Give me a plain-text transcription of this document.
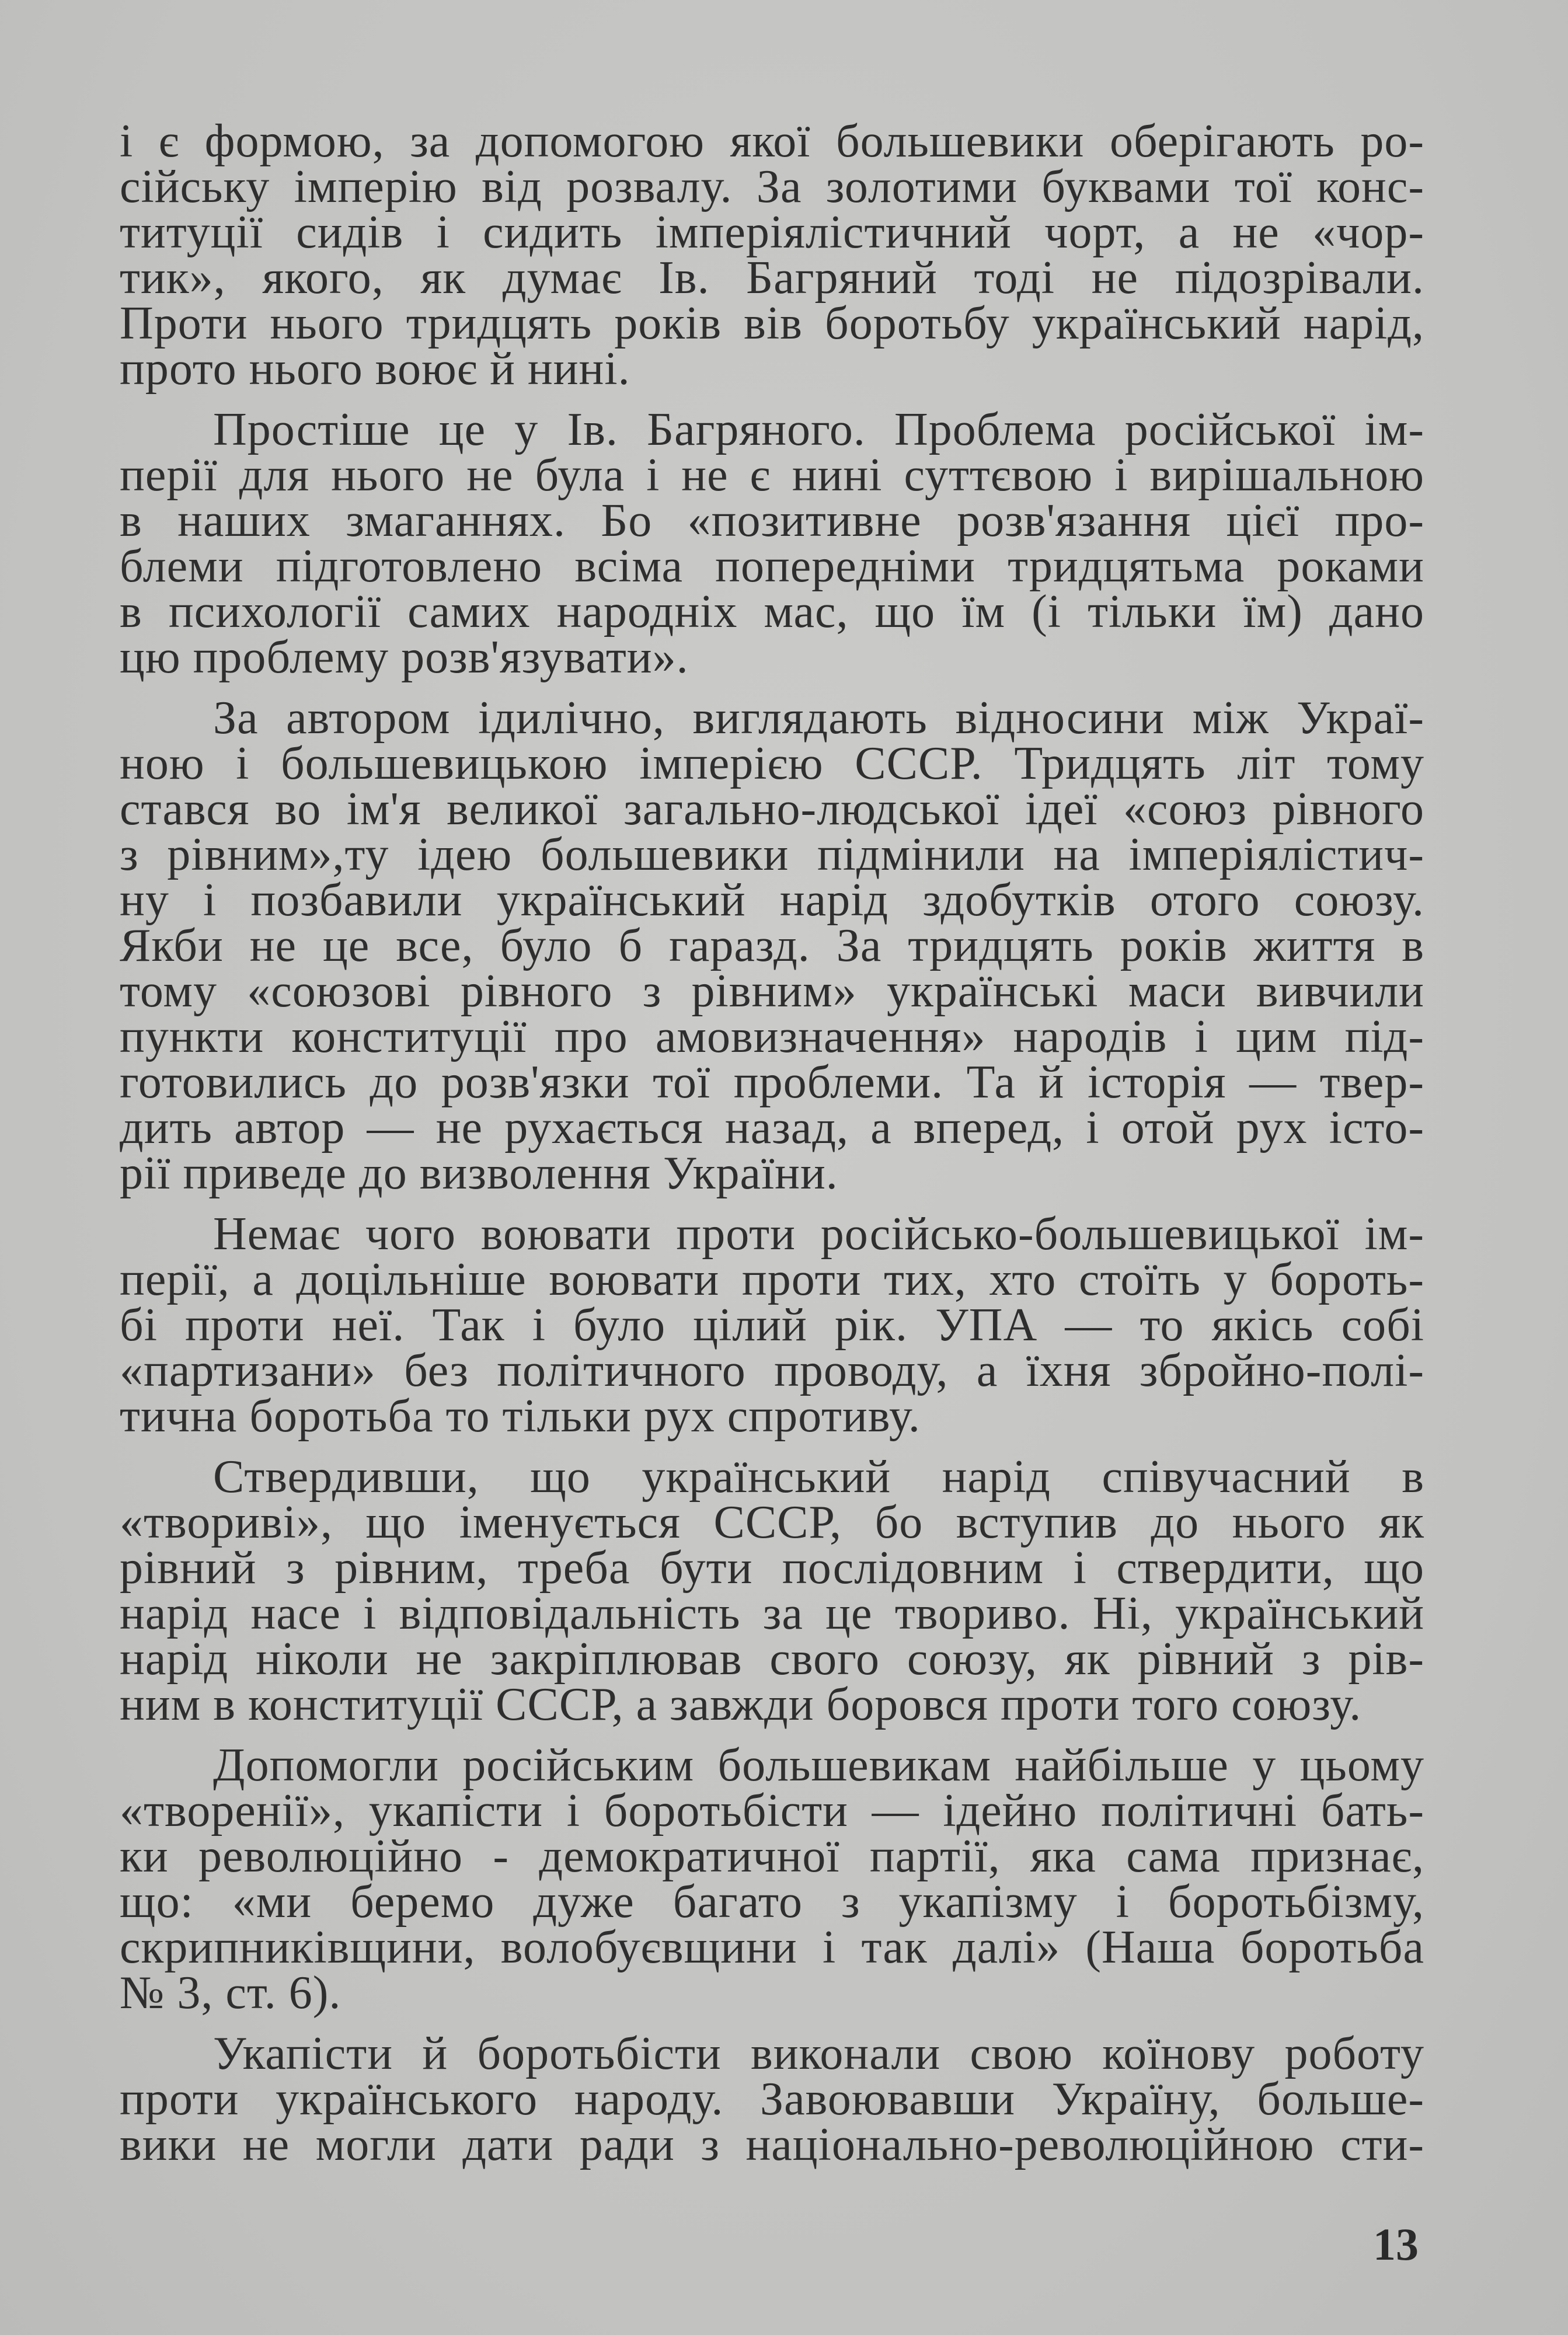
і є формою, за допомогою якої большевики оберігають ро-
сійську імперію від розвалу. За золотими буквами тої конс-
титуції сидів і сидить імперіялістичний чорт, а не «чор-
тик», якого, як думає Ів. Багряний тоді не підозрівали.
Проти нього тридцять років вів боротьбу український нарід,
прото нього воює й нині.
Простіше це у Ів. Багряного. Проблема російської ім-
перії для нього не була і не є нині суттєвою і вирішальною
в наших змаганнях. Бо «позитивне розв'язання цієї про-
блеми підготовлено всіма попередніми тридцятьма роками
в психології самих народніх мас, що їм (і тільки їм) дано
цю проблему розв'язувати».
За автором ідилічно, виглядають відносини між Украї-
ною і большевицькою імперією СССР. Тридцять літ тому
стався во ім'я великої загально-людської ідеї «союз рівного
з рівним»,ту ідею большевики підмінили на імперіялістич-
ну і позбавили український нарід здобутків отого союзу.
Якби не це все, було б гаразд. За тридцять років життя в
тому «союзові рівного з рівним» українські маси вивчили
пункти конституції про амовизначення» народів і цим під-
готовились до розв'язки тої проблеми. Та й історія — твер-
дить автор — не рухається назад, а вперед, і отой рух істо-
рії приведе до визволення України.
Немає чого воювати проти російсько-большевицької ім-
перії, а доцільніше воювати проти тих, хто стоїть у бороть-
бі проти неї. Так і було цілий рік. УПА — то якісь собі
«партизани» без політичного проводу, а їхня збройно-полі-
тична боротьба то тільки рух спротиву.
Ствердивши, що український нарід співучасний в
«творивi», що іменується СССР, бо вступив до нього як
рівний з рівним, треба бути послідовним і ствердити, що
нарід насе і відповідальність за це творивo. Ні, український
нарід ніколи не закріплював свого союзу, як рівний з рів-
ним в конституції СССР, а завжди боровся проти того союзу.
Допомогли російським большевикам найбільше у цьому
«творенії», укапісти і боротьбісти — ідейно політичні бать-
ки революційно - демократичної партії, яка сама признає,
що: «ми беремо дуже багато з укапізму і боротьбізму,
скрипниківщини, волобуєвщини і так далі» (Наша боротьба
№ 3, ст. 6).
Укапісти й боротьбісти виконали свою коїнову роботу
проти українського народу. Завоювавши Україну, больше-
вики не могли дати ради з національно-революційною сти-
13
